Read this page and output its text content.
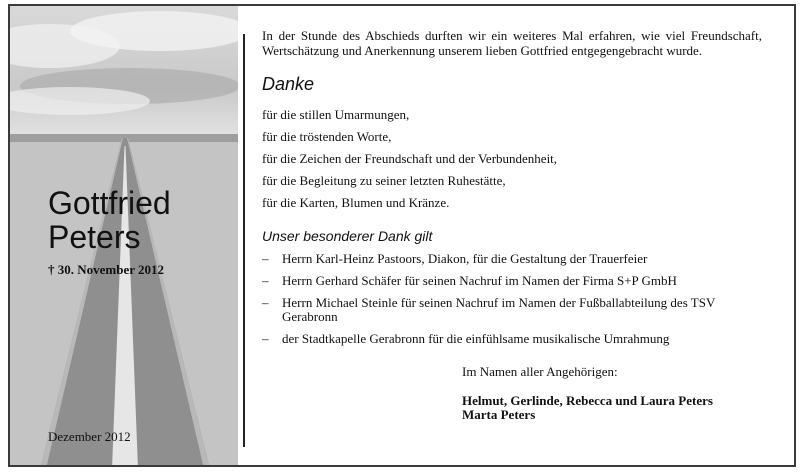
Gottfried
Peters
† 30. November 2012
Dezember 2012

In der Stunde des Abschieds durften wir ein weiteres Mal erfahren, wie viel Freundschaft, Wertschätzung und Anerkennung unserem lieben Gottfried entgegengebracht wurde.

Danke
für die stillen Umarmungen,
für die tröstenden Worte,
für die Zeichen der Freundschaft und der Verbundenheit,
für die Begleitung zu seiner letzten Ruhestätte,
für die Karten, Blumen und Kränze.
Unser besonderer Dank gilt
– Herrn Karl-Heinz Pastoors, Diakon, für die Gestaltung der Trauerfeier
– Herrn Gerhard Schäfer für seinen Nachruf im Namen der Firma S+P GmbH
– Herrn Michael Steinle für seinen Nachruf im Namen der Fußballabteilung des TSV Gerabronn
– der Stadtkapelle Gerabronn für die einfühlsame musikalische Umrahmung
Im Namen aller Angehörigen:
Helmut, Gerlinde, Rebecca und Laura Peters
Marta Peters
